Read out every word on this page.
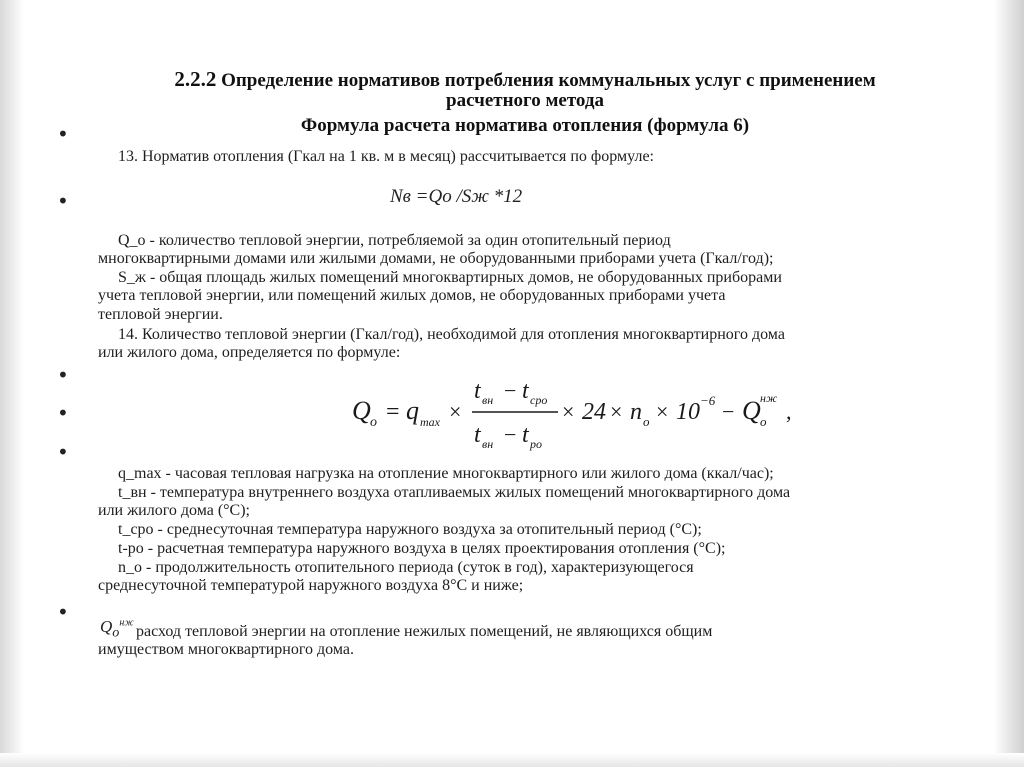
2.2.2 Определение нормативов потребления коммунальных услуг с применением
расчетного метода
Формула расчета норматива отопления (формула 6)
•
•
•
•
•
•
13. Норматив отопления (Гкал на 1 кв. м в месяц) рассчитывается по формуле:
Nв =Qо /Sж *12
Q_о - количество тепловой энергии, потребляемой за один отопительный период
многоквартирными домами или жилыми домами, не оборудованными приборами учета (Гкал/год);
S_ж - общая площадь жилых помещений многоквартирных домов, не оборудованных приборами
учета тепловой энергии, или помещений жилых домов, не оборудованных приборами учета
тепловой энергии.
14. Количество тепловой энергии (Гкал/год), необходимой для отопления многоквартирного дома
или жилого дома, определяется по формуле:
Q o = q max ×
t вн − t сро
t вн − t ро
× 24 × n o × 10 −6 − Q o
нж
,
q_max - часовая тепловая нагрузка на отопление многоквартирного или жилого дома (ккал/час);
t_вн - температура внутреннего воздуха отапливаемых жилых помещений многоквартирного дома
или жилого дома (°С);
t_сро - среднесуточная температура наружного воздуха за отопительный период (°С);
t-ро - расчетная температура наружного воздуха в целях проектирования отопления (°С);
n_о - продолжительность отопительного периода (суток в год), характеризующегося
среднесуточной температурой наружного воздуха 8°С и ниже;
$Q_o^{нж}$
расход тепловой энергии на отопление нежилых помещений, не являющихся общим
имуществом многоквартирного дома.
